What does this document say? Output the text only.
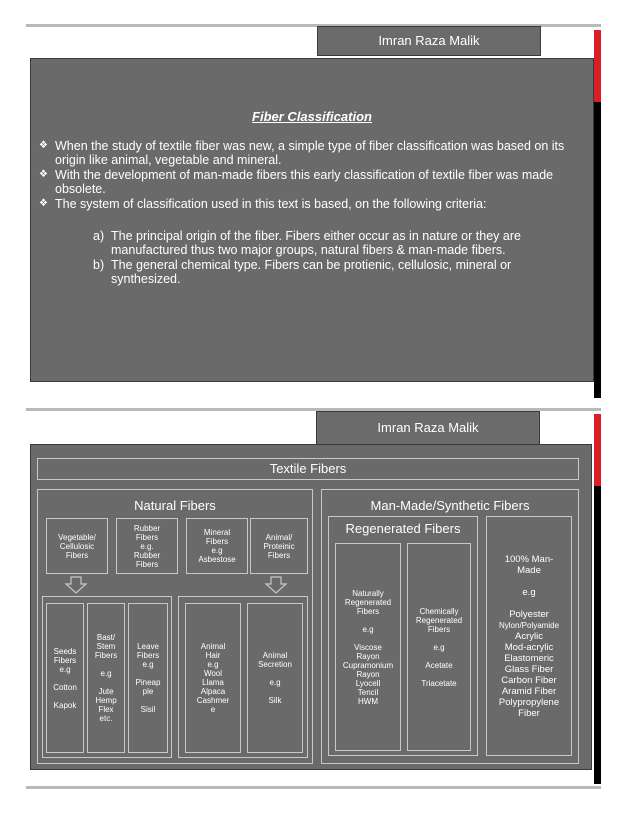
Imran Raza Malik
Fiber Classification
❖ When the study of textile fiber was new, a simple type of fiber classification was based on its origin like animal, vegetable and mineral.
❖ With the development of man-made fibers this early classification of textile fiber was made obsolete.
❖ The system of classification used in this text is based, on the following criteria:
a) The principal origin of the fiber. Fibers either occur as in nature or they are manufactured thus two major groups, natural fibers & man-made fibers.
b) The general chemical type. Fibers can be protienic, cellulosic, mineral or synthesized.
Imran Raza Malik
Textile Fibers
Natural Fibers
Vegetable/
Cellulosic
Fibers
Rubber
Fibers
e.g.
Rubber
Fibers
Mineral
Fibers
e.g
Asbestose
Animal/
Proteinic
Fibers
Seeds
Fibers
e.g

Cotton

Kapok
Bast/
Stem
Fibers

e.g

Jute
Hemp
Flex
etc.
Leave
Fibers
e.g

Pineap
ple

Sisil
Animal
Hair
e.g
Wool
Llama
Alpaca
Cashmer
e
Animal
Secretion

e.g

Silk
Man-Made/Synthetic Fibers
Regenerated Fibers
Naturally
Regenerated
Fibers

e.g

Viscose
Rayon
Cupramonium
Rayon
Lyocell
Tencil
HWM
Chemically
Regenerated
Fibers

e.g

Acetate

Triacetate
100% Man-
Made

e.g

Polyester
Nylon/Polyamide
Acrylic
Mod-acrylic
Elastomeric
Glass Fiber
Carbon Fiber
Aramid Fiber
Polypropylene
Fiber
